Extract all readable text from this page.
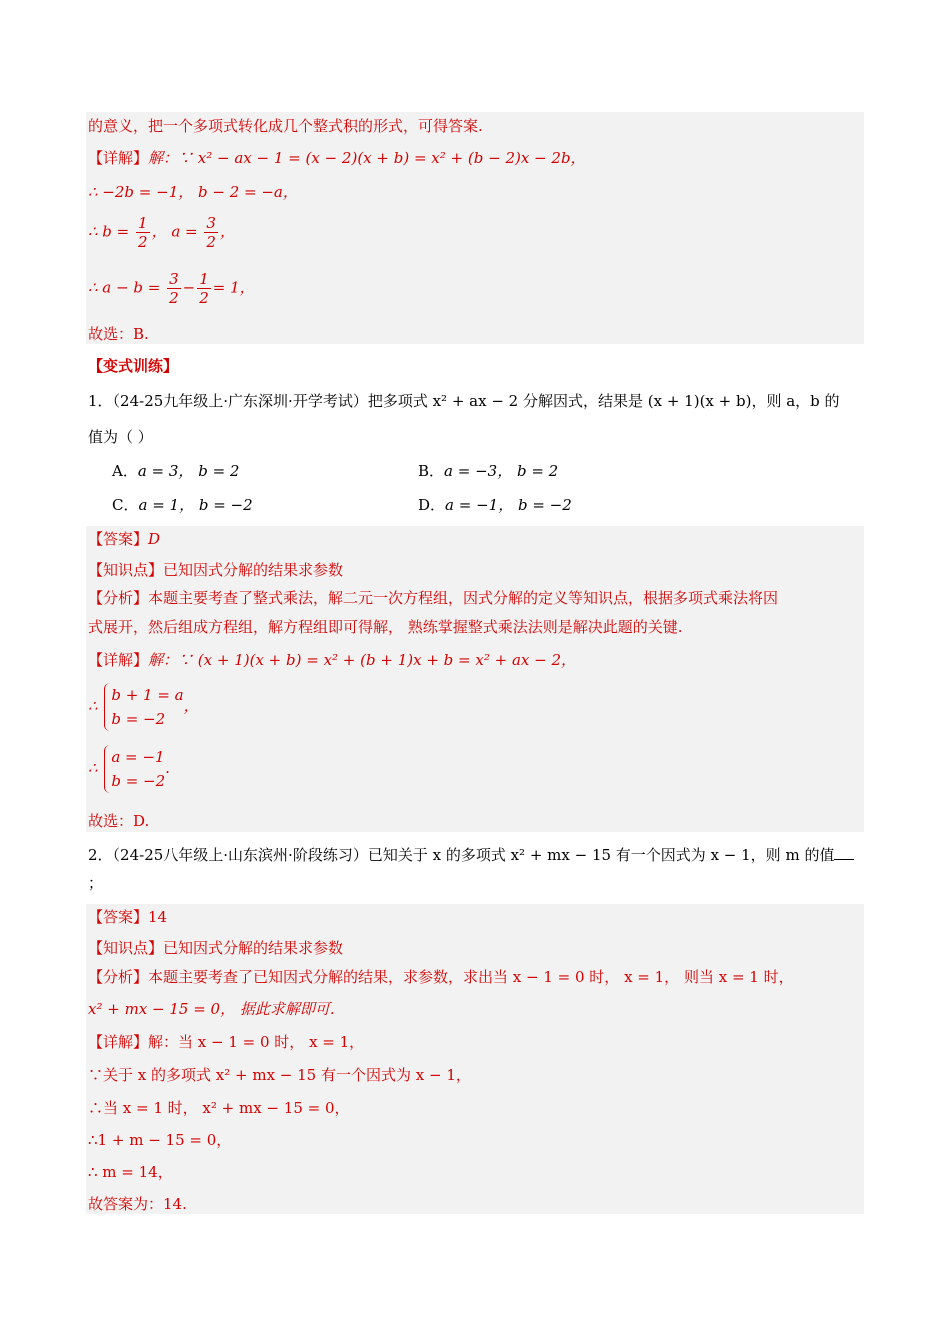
的意义，把一个多项式转化成几个整式积的形式，可得答案.
【详解】解：∵ x² − ax − 1 = (x − 2)(x + b) = x² + (b − 2)x − 2b，
∴ −2b = −1， b − 2 = −a，
∴ $b = \frac{1}{2}$ ， $a = \frac{3}{2}$ ，
∴ $a - b = \frac{3}{2} - \frac{1}{2} = 1$，
故选：B.
【变式训练】
1．（24-25九年级上·广东深圳·开学考试）把多项式 x² + ax − 2 分解因式，结果是 (x + 1)(x + b)，则 a，b 的
值为（ ）
A．a = 3， b = 2	B．a = −3， b = 2
C．a = 1， b = −2	D．a = −1， b = −2
【答案】D
【知识点】已知因式分解的结果求参数
【分析】本题主要考查了整式乘法，解二元一次方程组，因式分解的定义等知识点，根据多项式乘法将因
式展开，然后组成方程组，解方程组即可得解， 熟练掌握整式乘法法则是解决此题的关键.
【详解】解：∵ (x + 1)(x + b) = x² + (b + 1)x + b = x² + ax − 2，
∴
b + 1 = a
b = −2
，
∴
a = −1
b = −2
.
故选：D.
2．（24-25八年级上·山东滨州·阶段练习）已知关于 x 的多项式 x² + mx − 15 有一个因式为 x − 1，则 m 的值
；
【答案】14
【知识点】已知因式分解的结果求参数
【分析】本题主要考查了已知因式分解的结果，求参数，求出当 x − 1 = 0 时， x = 1， 则当 x = 1 时，
x² + mx − 15 = 0， 据此求解即可.
【详解】解：当 x − 1 = 0 时， x = 1，
∵关于 x 的多项式 x² + mx − 15 有一个因式为 x − 1，
∴当 x = 1 时， x² + mx − 15 = 0，
∴1 + m − 15 = 0，
∴ m = 14，
故答案为：14.
